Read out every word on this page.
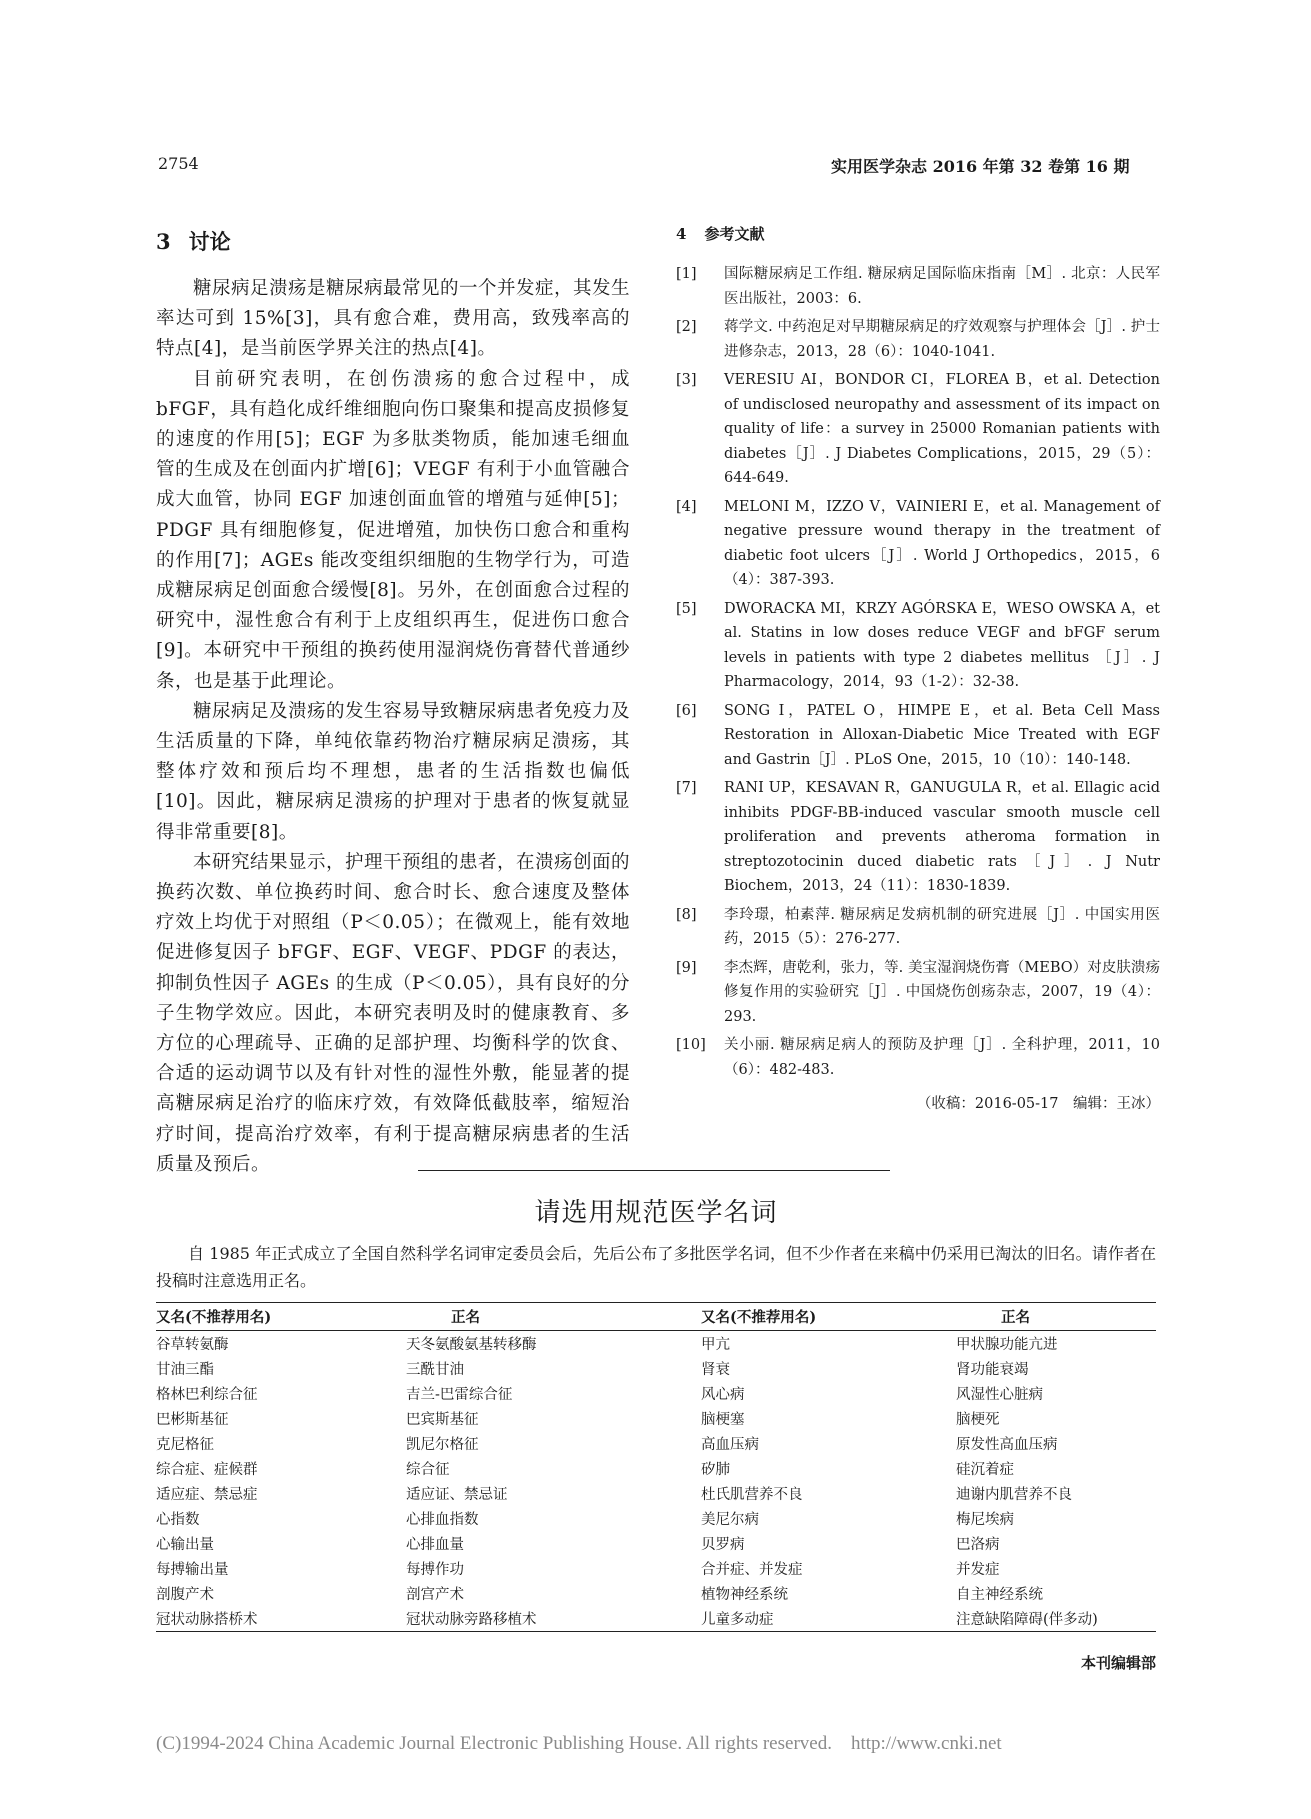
2754	实用医学杂志 2016 年第 32 卷第 16 期
3 讨论

糖尿病足溃疡是糖尿病最常见的一个并发症，其发生率达可到 15%[3]，具有愈合难，费用高，致残率高的特点[4]，是当前医学界关注的热点[4]。

目前研究表明，在创伤溃疡的愈合过程中，成 bFGF，具有趋化成纤维细胞向伤口聚集和提高皮损修复的速度的作用[5]；EGF 为多肽类物质，能加速毛细血管的生成及在创面内扩增[6]；VEGF 有利于小血管融合成大血管，协同 EGF 加速创面血管的增殖与延伸[5]；PDGF 具有细胞修复，促进增殖，加快伤口愈合和重构的作用[7]；AGEs 能改变组织细胞的生物学行为，可造成糖尿病足创面愈合缓慢[8]。另外，在创面愈合过程的研究中，湿性愈合有利于上皮组织再生，促进伤口愈合[9]。本研究中干预组的换药使用湿润烧伤膏替代普通纱条，也是基于此理论。

糖尿病足及溃疡的发生容易导致糖尿病患者免疫力及生活质量的下降，单纯依靠药物治疗糖尿病足溃疡，其整体疗效和预后均不理想，患者的生活指数也偏低[10]。因此，糖尿病足溃疡的护理对于患者的恢复就显得非常重要[8]。

本研究结果显示，护理干预组的患者，在溃疡创面的换药次数、单位换药时间、愈合时长、愈合速度及整体疗效上均优于对照组（P＜0.05）；在微观上，能有效地促进修复因子 bFGF、EGF、VEGF、PDGF 的表达，抑制负性因子 AGEs 的生成（P＜0.05），具有良好的分子生物学效应。因此，本研究表明及时的健康教育、多方位的心理疏导、正确的足部护理、均衡科学的饮食、合适的运动调节以及有针对性的湿性外敷，能显著的提高糖尿病足治疗的临床疗效，有效降低截肢率，缩短治疗时间，提高治疗效率，有利于提高糖尿病患者的生活质量及预后。

4 参考文献
[1]	国际糖尿病足工作组. 糖尿病足国际临床指南［M］. 北京：人民军医出版社，2003：6.
[2]	蒋学文. 中药泡足对早期糖尿病足的疗效观察与护理体会［J］. 护士进修杂志，2013，28（6）：1040-1041.
[3]	VERESIU AI，BONDOR CI，FLOREA B，et al. Detection of undisclosed neuropathy and assessment of its impact on quality of life：a survey in 25000 Romanian patients with diabetes［J］. J Diabetes Complications，2015，29（5）：644-649.
[4]	MELONI M，IZZO V，VAINIERI E，et al. Management of negative pressure wound therapy in the treatment of diabetic foot ulcers［J］. World J Orthopedics，2015，6（4）：387-393.
[5]	DWORACKA MI，KRZY AGÓRSKA E，WESO OWSKA A，et al. Statins in low doses reduce VEGF and bFGF serum levels in patients with type 2 diabetes mellitus ［J］. J Pharmacology，2014，93（1-2）：32-38.
[6]	SONG I，PATEL O，HIMPE E，et al. Beta Cell Mass Restoration in Alloxan-Diabetic Mice Treated with EGF and Gastrin［J］. PLoS One，2015，10（10）：140-148.
[7]	RANI UP，KESAVAN R，GANUGULA R，et al. Ellagic acid inhibits PDGF-BB-induced vascular smooth muscle cell proliferation and prevents atheroma formation in streptozotocinin duced diabetic rats［J］. J Nutr Biochem，2013，24（11）：1830-1839.
[8]	李玲璟，柏素萍. 糖尿病足发病机制的研究进展［J］. 中国实用医药，2015（5）：276-277.
[9]	李杰辉，唐乾利，张力，等. 美宝湿润烧伤膏（MEBO）对皮肤溃疡修复作用的实验研究［J］. 中国烧伤创疡杂志，2007，19（4）：293.
[10]	关小丽. 糖尿病足病人的预防及护理［J］. 全科护理，2011，10（6）：482-483.
（收稿：2016-05-17　编辑：王冰）
请选用规范医学名词
自 1985 年正式成立了全国自然科学名词审定委员会后，先后公布了多批医学名词，但不少作者在来稿中仍采用已淘汰的旧名。请作者在投稿时注意选用正名。
又名(不推荐用名)	正名	又名(不推荐用名)	正名
谷草转氨酶	天冬氨酸氨基转移酶	甲亢	甲状腺功能亢进
甘油三酯	三酰甘油	肾衰	肾功能衰竭
格林巴利综合征	吉兰-巴雷综合征	风心病	风湿性心脏病
巴彬斯基征	巴宾斯基征	脑梗塞	脑梗死
克尼格征	凯尼尔格征	高血压病	原发性高血压病
综合症、症候群	综合征	矽肺	硅沉着症
适应症、禁忌症	适应证、禁忌证	杜氏肌营养不良	迪谢内肌营养不良
心指数	心排血指数	美尼尔病	梅尼埃病
心输出量	心排血量	贝罗病	巴洛病
每搏输出量	每搏作功	合并症、并发症	并发症
剖腹产术	剖宫产术	植物神经系统	自主神经系统
冠状动脉搭桥术	冠状动脉旁路移植术	儿童多动症	注意缺陷障碍(伴多动)
本刊编辑部
(C)1994-2024 China Academic Journal Electronic Publishing House. All rights reserved.　http://www.cnki.net
